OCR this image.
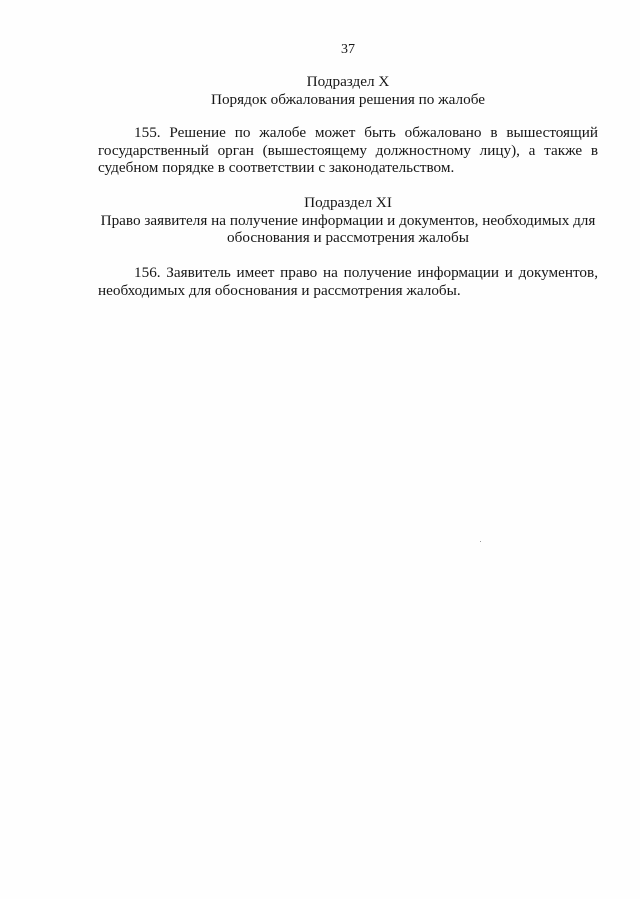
37
Подраздел X
Порядок обжалования решения по жалобе
155. Решение по жалобе может быть обжаловано в вышестоящий
государственный орган (вышестоящему должностному лицу), а также в
судебном порядке в соответствии с законодательством.
Подраздел XI
Право заявителя на получение информации и документов, необходимых для
обоснования и рассмотрения жалобы
156. Заявитель имеет право на получение информации и документов,
необходимых для обоснования и рассмотрения жалобы.
